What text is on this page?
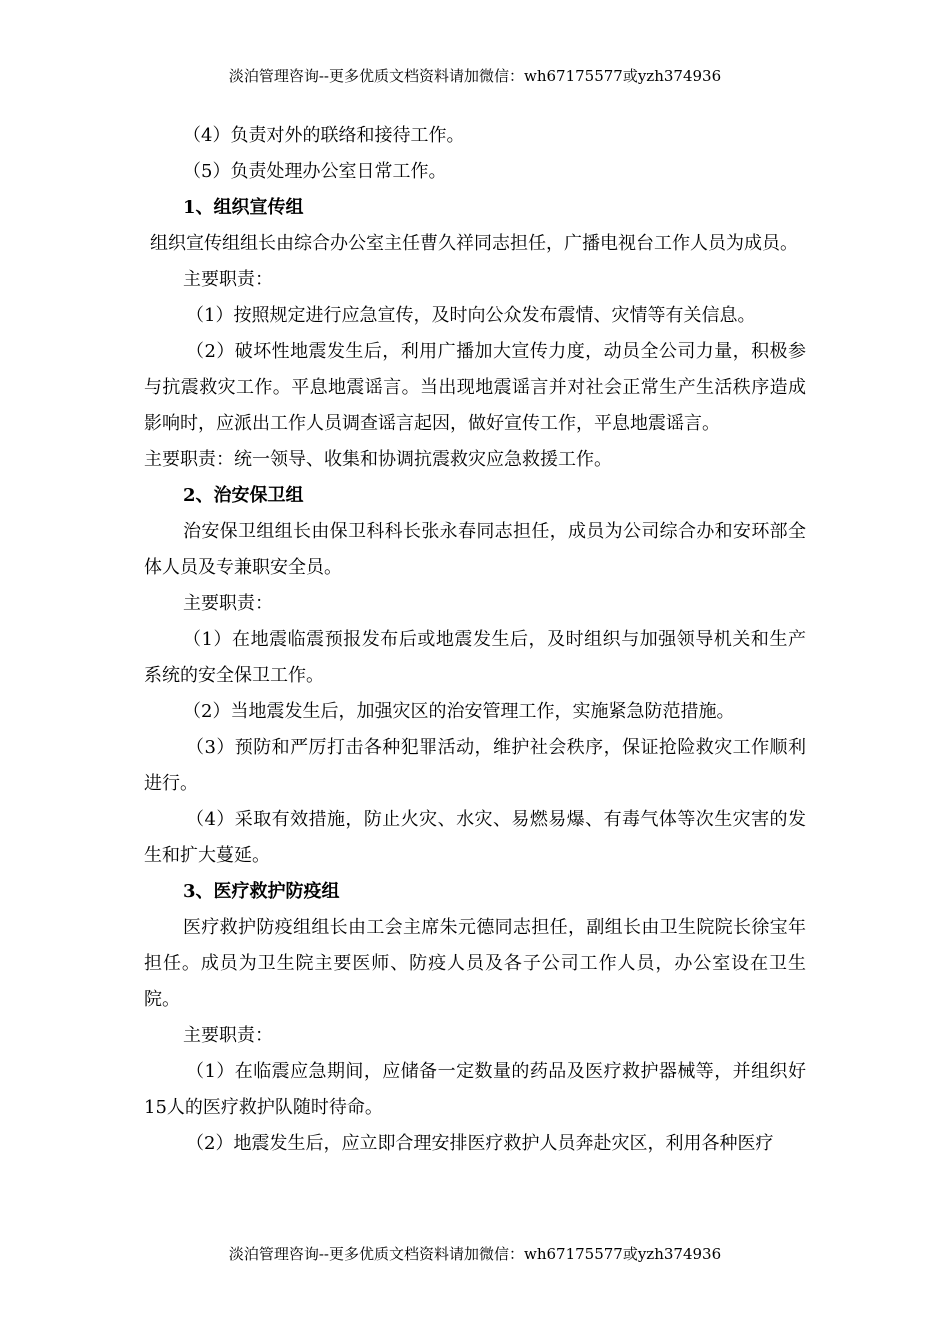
淡泊管理咨询--更多优质文档资料请加微信：wh67175577或yzh374936

（4）负责对外的联络和接待工作。

（5）负责处理办公室日常工作。

1、组织宣传组

组织宣传组组长由综合办公室主任曹久祥同志担任，广播电视台工作人员为成员。

主要职责：

（1）按照规定进行应急宣传，及时向公众发布震情、灾情等有关信息。

（2）破坏性地震发生后，利用广播加大宣传力度，动员全公司力量，积极参与抗震救灾工作。平息地震谣言。当出现地震谣言并对社会正常生产生活秩序造成影响时，应派出工作人员调查谣言起因，做好宣传工作，平息地震谣言。

主要职责：统一领导、收集和协调抗震救灾应急救援工作。

2、治安保卫组

治安保卫组组长由保卫科科长张永春同志担任，成员为公司综合办和安环部全体人员及专兼职安全员。

主要职责：

（1）在地震临震预报发布后或地震发生后，及时组织与加强领导机关和生产系统的安全保卫工作。

（2）当地震发生后，加强灾区的治安管理工作，实施紧急防范措施。

（3）预防和严厉打击各种犯罪活动，维护社会秩序，保证抢险救灾工作顺利进行。

（4）采取有效措施，防止火灾、水灾、易燃易爆、有毒气体等次生灾害的发生和扩大蔓延。

3、医疗救护防疫组

医疗救护防疫组组长由工会主席朱元德同志担任，副组长由卫生院院长徐宝年担任。成员为卫生院主要医师、防疫人员及各子公司工作人员，办公室设在卫生院。

主要职责：

（1）在临震应急期间，应储备一定数量的药品及医疗救护器械等，并组织好15人的医疗救护队随时待命。

（2）地震发生后，应立即合理安排医疗救护人员奔赴灾区，利用各种医疗

淡泊管理咨询--更多优质文档资料请加微信：wh67175577或yzh374936
